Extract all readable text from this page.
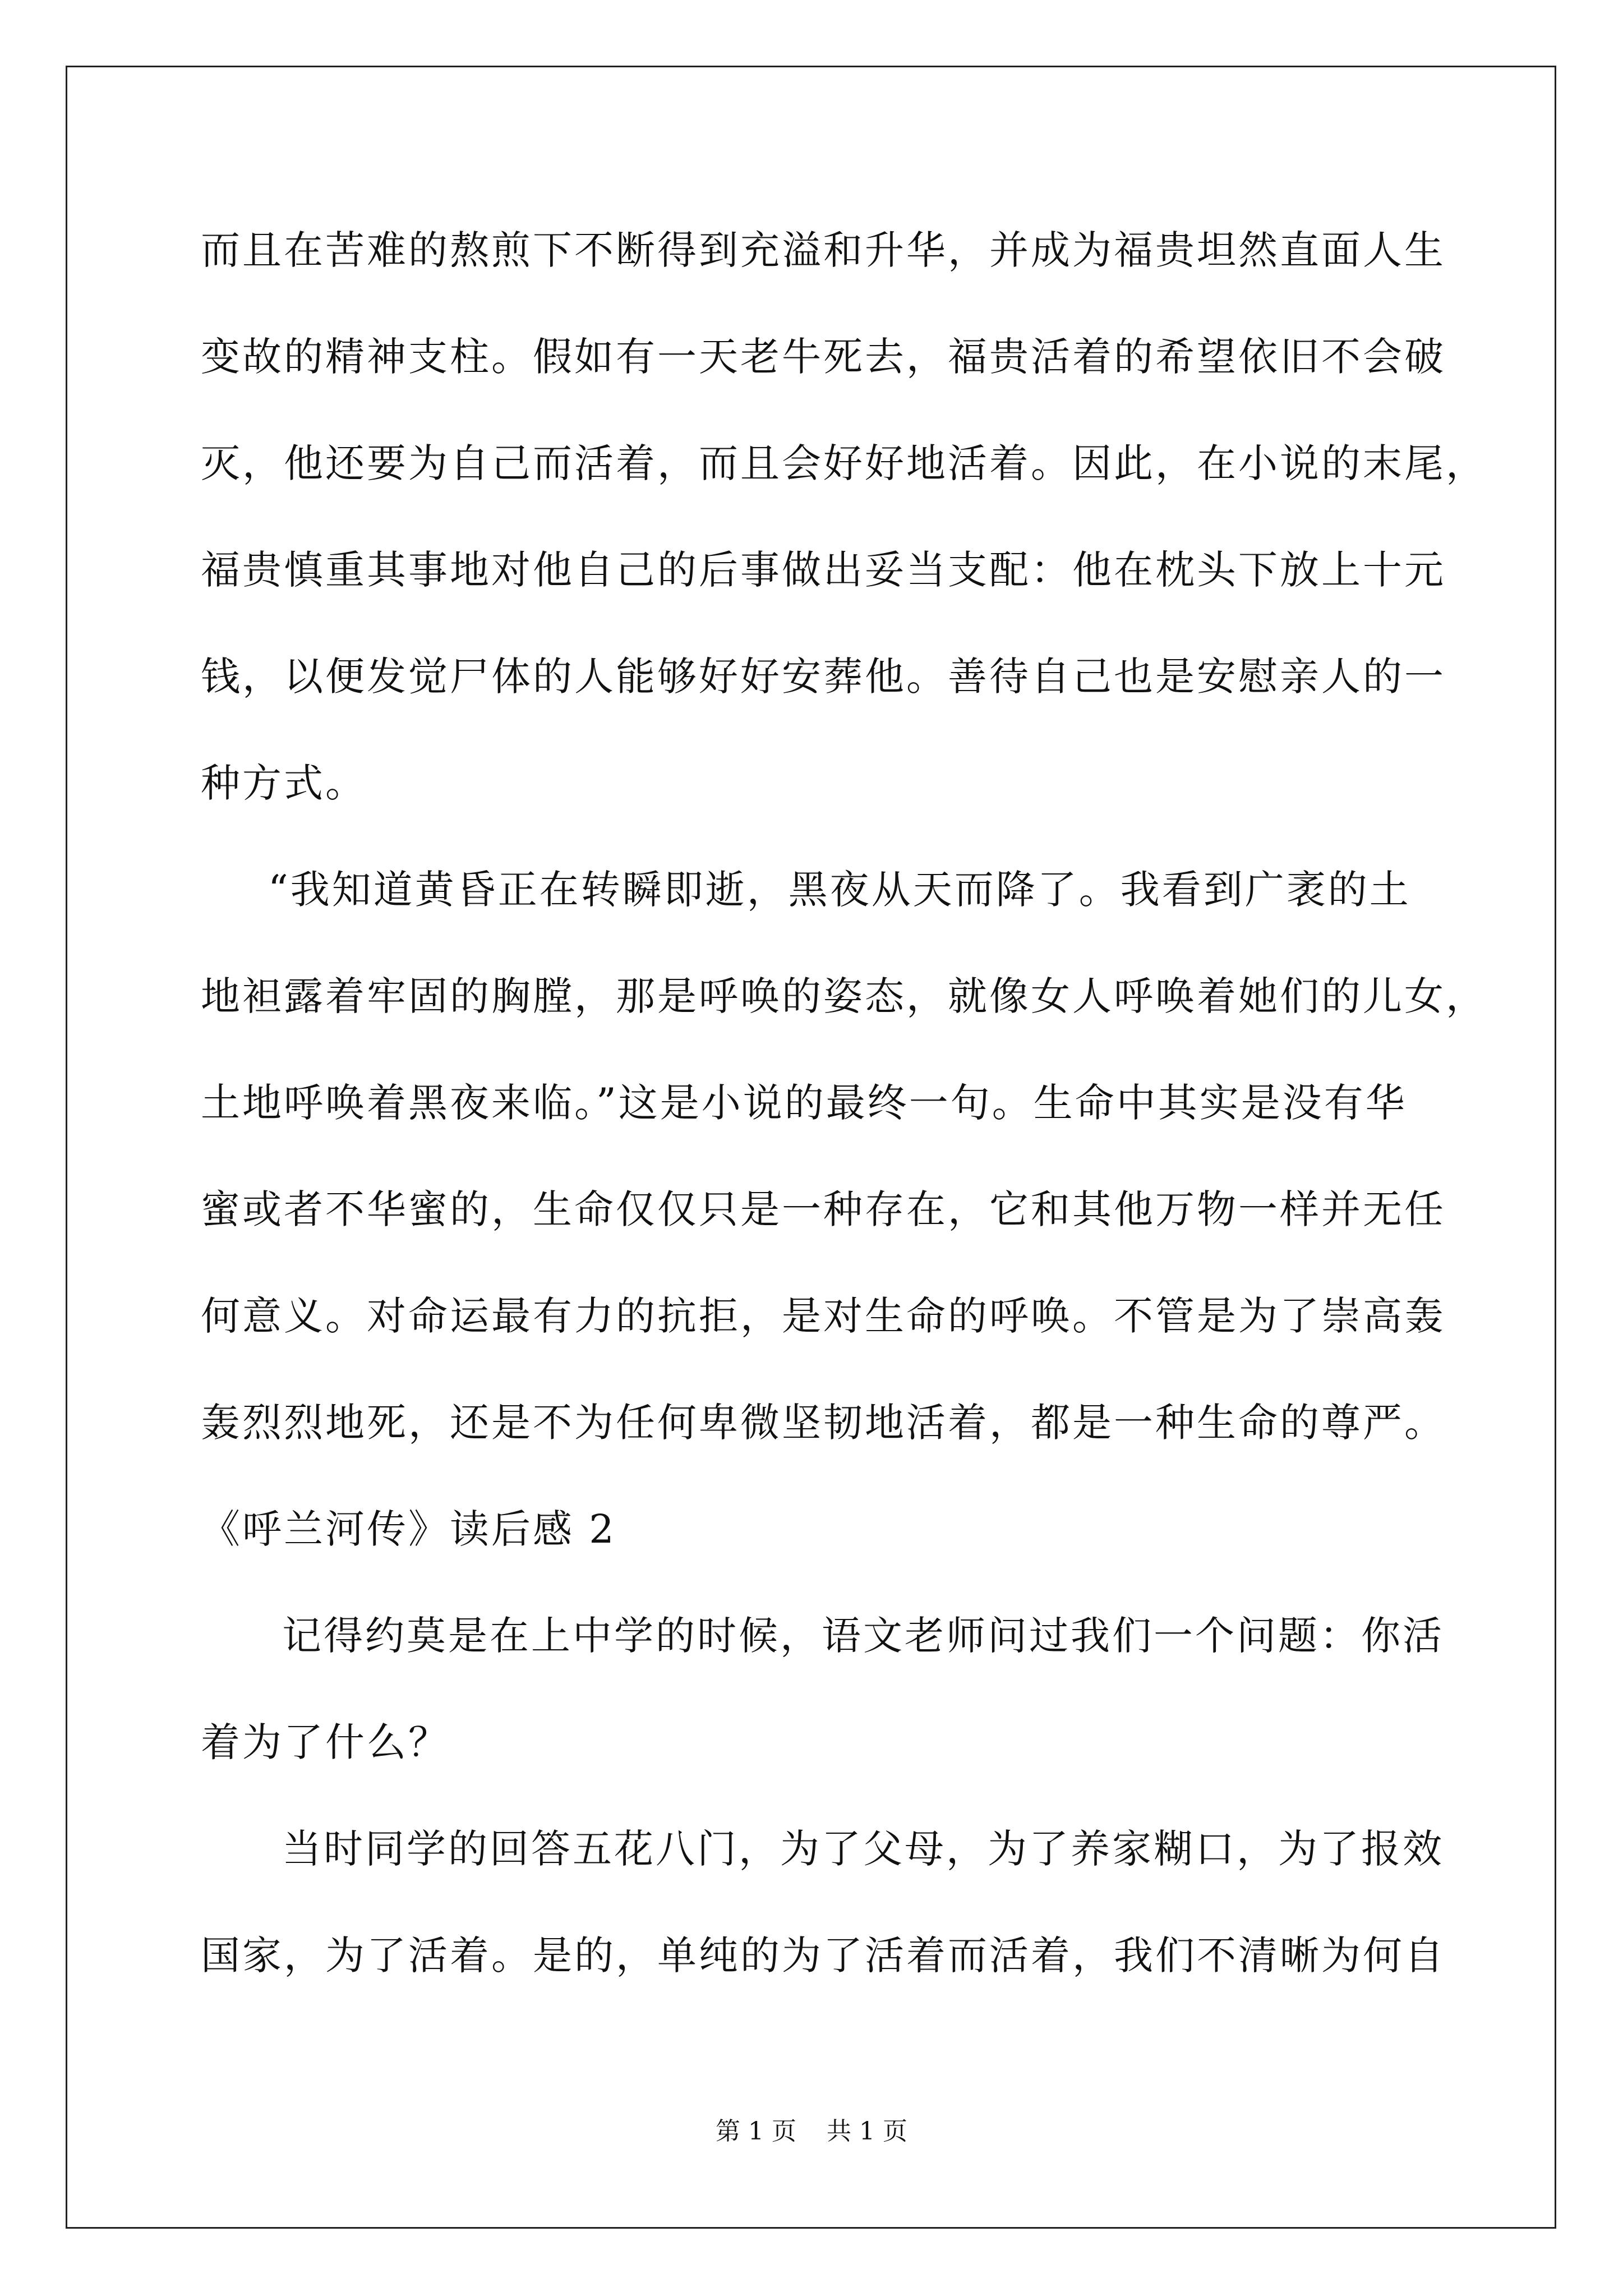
而且在苦难的熬煎下不断得到充溢和升华，并成为福贵坦然直面人生
变故的精神支柱。假如有一天老牛死去，福贵活着的希望依旧不会破
灭，他还要为自己而活着，而且会好好地活着。因此，在小说的末尾，
福贵慎重其事地对他自己的后事做出妥当支配：他在枕头下放上十元
钱，以便发觉尸体的人能够好好安葬他。善待自己也是安慰亲人的一
种方式。
“我知道黄昏正在转瞬即逝，黑夜从天而降了。我看到广袤的土
地袒露着牢固的胸膛，那是呼唤的姿态，就像女人呼唤着她们的儿女，
土地呼唤着黑夜来临。”这是小说的最终一句。生命中其实是没有华
蜜或者不华蜜的，生命仅仅只是一种存在，它和其他万物一样并无任
何意义。对命运最有力的抗拒，是对生命的呼唤。不管是为了崇高轰
轰烈烈地死，还是不为任何卑微坚韧地活着，都是一种生命的尊严。
《呼兰河传》读后感 2
记得约莫是在上中学的时候，语文老师问过我们一个问题：你活
着为了什么？
当时同学的回答五花八门，为了父母，为了养家糊口，为了报效
国家，为了活着。是的，单纯的为了活着而活着，我们不清晰为何自
第 1 页 共 1 页
